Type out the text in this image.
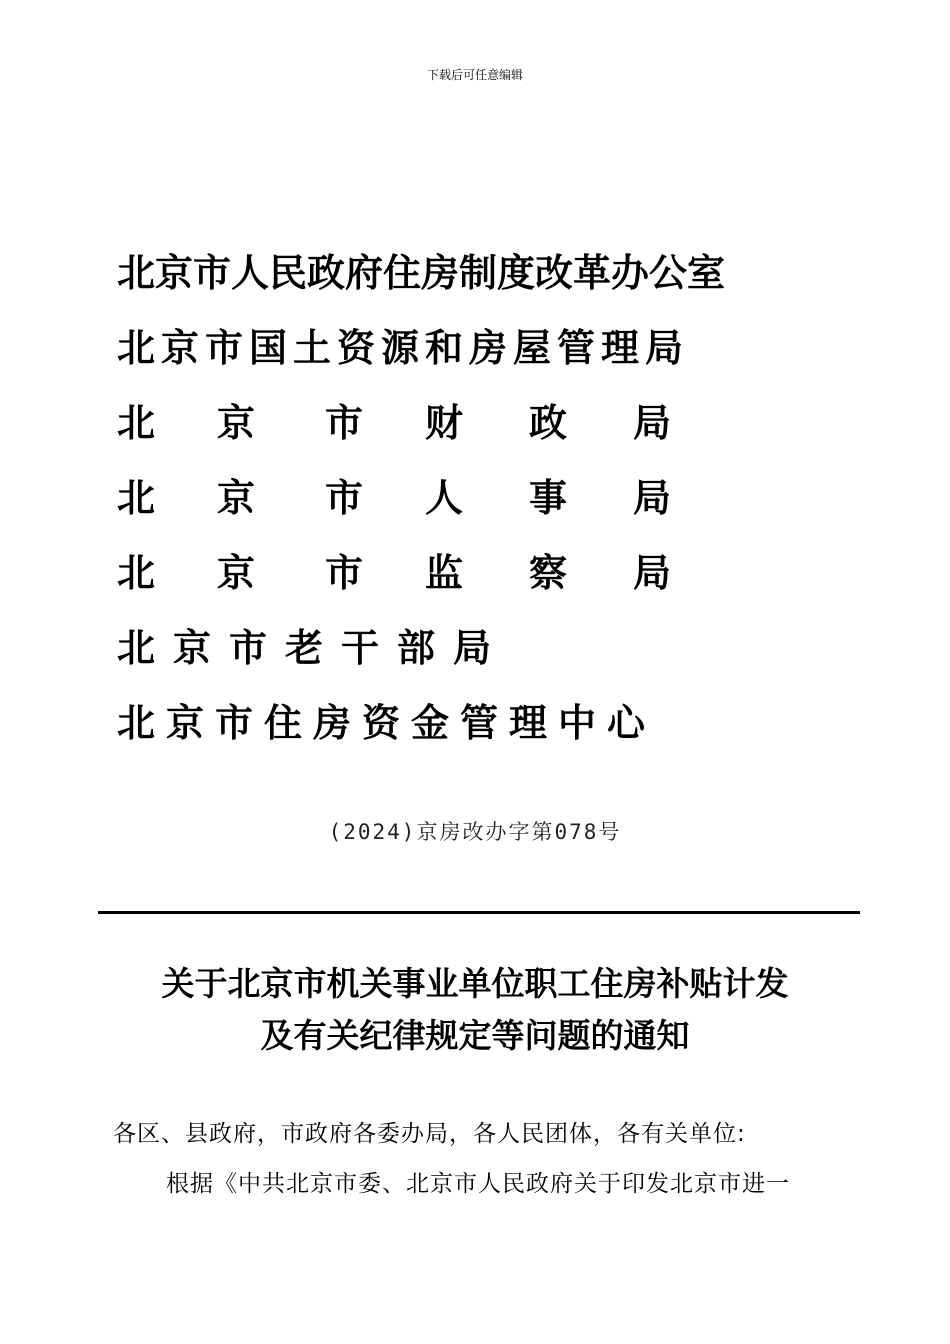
下载后可任意编辑
北京市人民政府住房制度改革办公室
北京市国土资源和房屋管理局
北 京 市 财 政 局
北 京 市 人 事 局
北 京 市 监 察 局
北京市老干部局
北京市住房资金管理中心
(2024)京房改办字第078号
关于北京市机关事业单位职工住房补贴计发
及有关纪律规定等问题的通知
各区、县政府，市政府各委办局，各人民团体，各有关单位:
根据《中共北京市委、北京市人民政府关于印发北京市进一
